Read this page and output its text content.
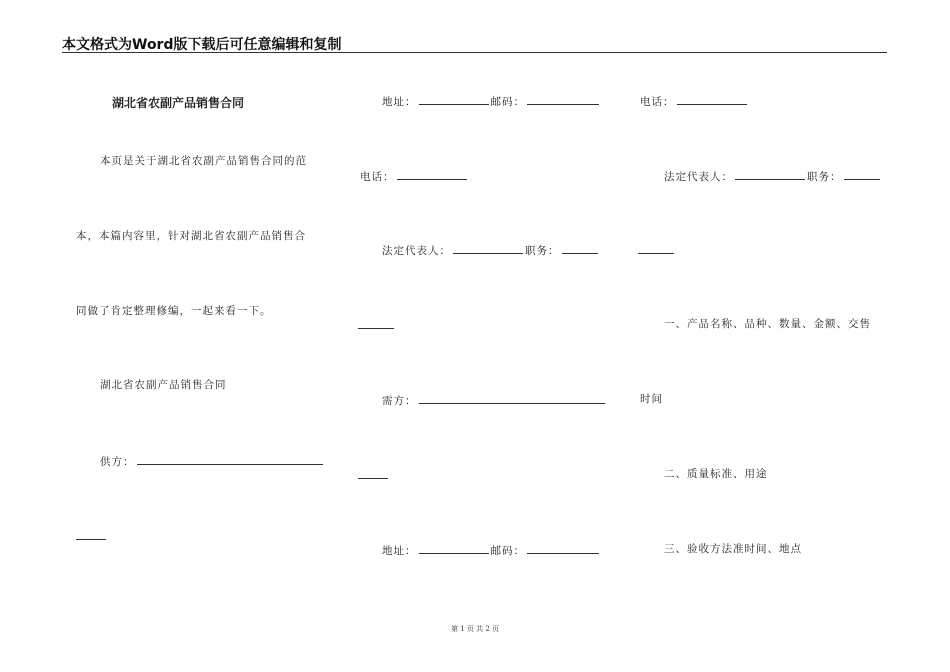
本文格式为Word版下载后可任意编辑和复制
湖北省农副产品销售合同
本页是关于湖北省农副产品销售合同的范
本，本篇内容里，针对湖北省农副产品销售合
同做了肯定整理修编，一起来看一下。
湖北省农副产品销售合同
供方：
地址：	邮码：
电话：
法定代表人：	职务：
需方：
地址：	邮码：
电话：
法定代表人：	职务：
一、产品名称、品种、数量、金额、交售
时间
二、质量标准、用途
三、验收方法准时间、地点
第 1 页 共 2 页
